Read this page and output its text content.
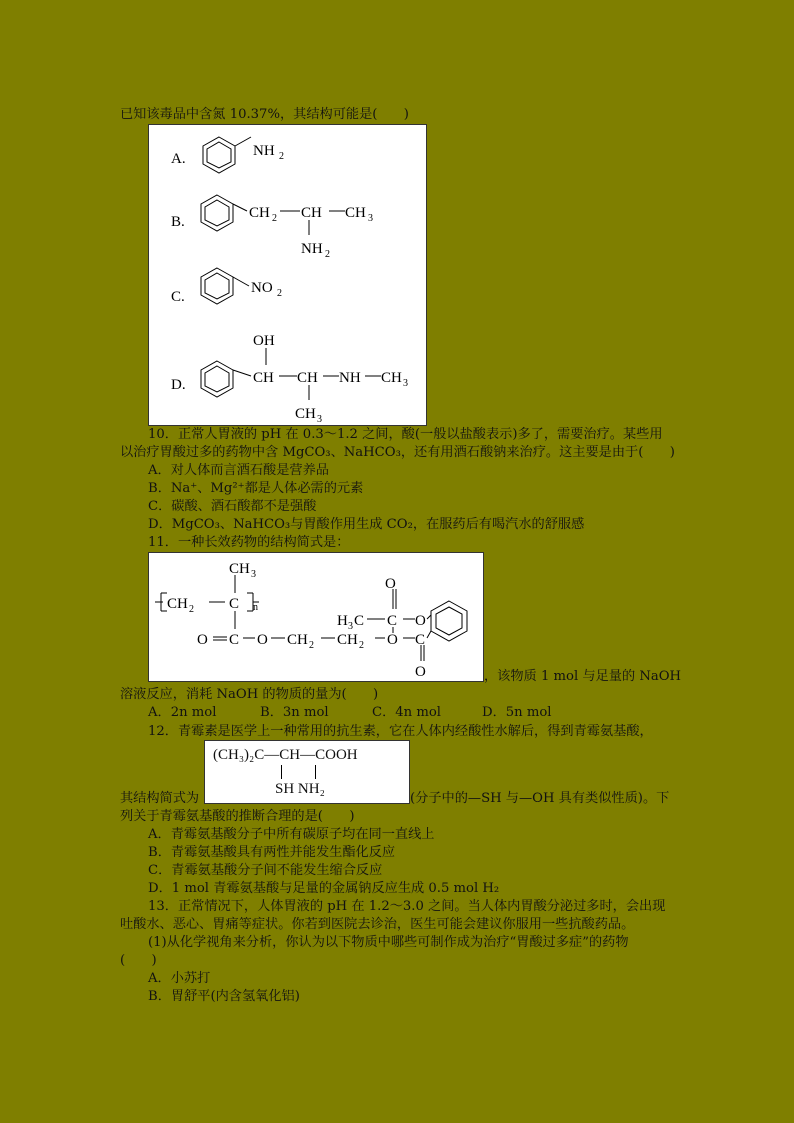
已知该毒品中含氮 10.37%，其结构可能是(　　)
A.	NH 2
B.
CH 2 CH CH 3
NH 2
C.
NO 2
D.
OH
CH CH NH CH 3
CH 3
10．正常人胃液的 pH 在 0.3～1.2 之间，酸(一般以盐酸表示)多了，需要治疗。某些用
以治疗胃酸过多的药物中含 MgCO₃、NaHCO₃，还有用酒石酸钠来治疗。这主要是由于(　　)
A．对人体而言酒石酸是营养品
B．Na⁺、Mg²⁺都是人体必需的元素
C．碳酸、酒石酸都不是强酸
D．MgCO₃、NaHCO₃与胃酸作用生成 CO₂，在服药后有喝汽水的舒服感
11．一种长效药物的结构简式是：
CH 3
CH 2 C n
O C O CH 2 CH 2 O
O
H 3 C C O
C
O	，该物质 1 mol 与足量的 NaOH
溶液反应，消耗 NaOH 的物质的量为(　　)
A．2n mol	B．3n mol	C．4n mol	D．5n mol
12．青霉素是医学上一种常用的抗生素，它在人体内经酸性水解后，得到青霉氨基酸，
(CH₃)₂C—CH—COOH
SH NH₂
其结构简式为	(分子中的—SH 与—OH 具有类似性质)。下
列关于青霉氨基酸的推断合理的是(　　)
A．青霉氨基酸分子中所有碳原子均在同一直线上
B．青霉氨基酸具有两性并能发生酯化反应
C．青霉氨基酸分子间不能发生缩合反应
D．1 mol 青霉氨基酸与足量的金属钠反应生成 0.5 mol H₂
13．正常情况下，人体胃液的 pH 在 1.2～3.0 之间。当人体内胃酸分泌过多时，会出现
吐酸水、恶心、胃痛等症状。你若到医院去诊治，医生可能会建议你服用一些抗酸药品。
(1)从化学视角来分析，你认为以下物质中哪些可制作成为治疗“胃酸过多症”的药物
(　　)
A．小苏打
B．胃舒平(内含氢氧化铝)
